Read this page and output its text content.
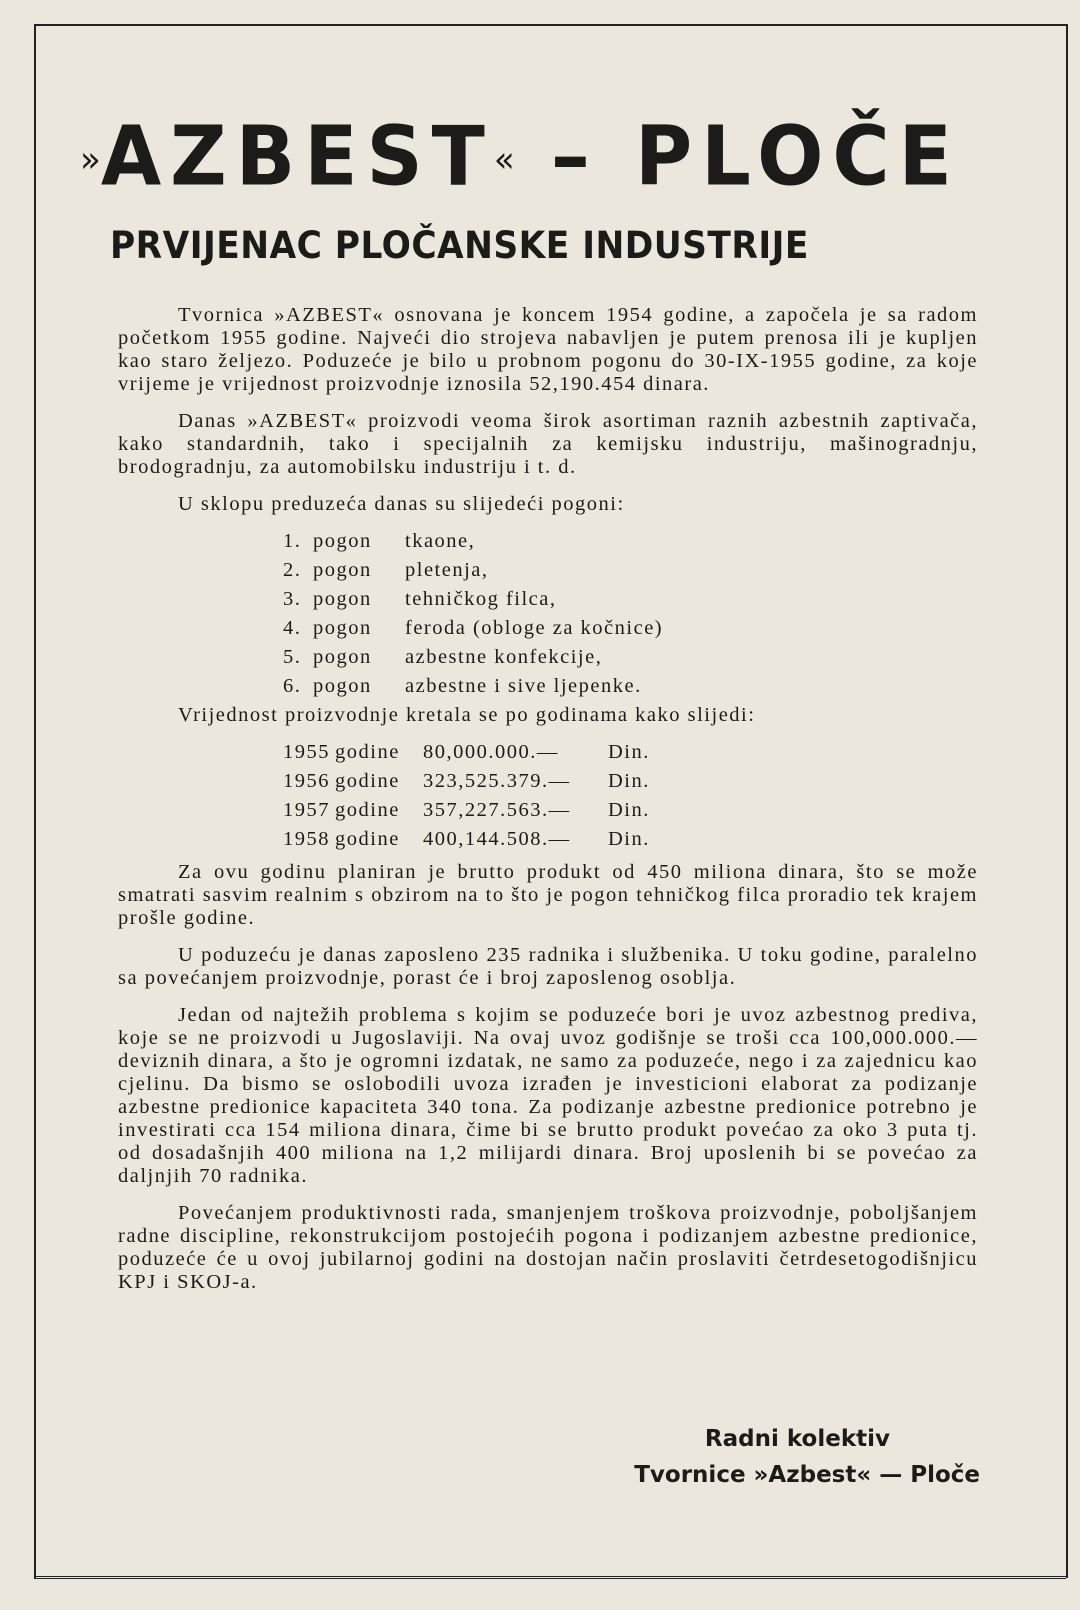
»AZBEST« – PLOČE
PRVIJENAC PLOČANSKE INDUSTRIJE

Tvornica »AZBEST« osnovana je koncem 1954 godine, a započela je sa radom početkom 1955 godine. Najveći dio strojeva nabavljen je putem prenosa ili je kupljen kao staro željezo. Poduzeće je bilo u probnom pogonu do 30-IX-1955 godine, za koje vrijeme je vrijednost proizvodnje iznosila 52,190.454 dinara.

Danas »AZBEST« proizvodi veoma širok asortiman raznih azbestnih zaptivača, kako standardnih, tako i specijalnih za kemijsku industriju, mašinogradnju, brodogradnju, za automobilsku industriju i t. d.

U sklopu preduzeća danas su slijedeći pogoni:

1. pogon tkaone,
2. pogon pletenja,
3. pogon tehničkog filca,
4. pogon feroda (obloge za kočnice)
5. pogon azbestne konfekcije,
6. pogon azbestne i sive ljepenke.

Vrijednost proizvodnje kretala se po godinama kako slijedi:

1955 godine 80,000.000.— Din.
1956 godine 323,525.379.— Din.
1957 godine 357,227.563.— Din.
1958 godine 400,144.508.— Din.

Za ovu godinu planiran je brutto produkt od 450 miliona dinara, što se može smatrati sasvim realnim s obzirom na to što je pogon tehničkog filca proradio tek krajem prošle godine.

U poduzeću je danas zaposleno 235 radnika i službenika. U toku godine, paralelno sa povećanjem proizvodnje, porast će i broj zaposlenog osoblja.

Jedan od najtežih problema s kojim se poduzeće bori je uvoz azbestnog prediva, koje se ne proizvodi u Jugoslaviji. Na ovaj uvoz godišnje se troši cca 100,000.000.— deviznih dinara, a što je ogromni izdatak, ne samo za poduzeće, nego i za zajednicu kao cjelinu. Da bismo se oslobodili uvoza izrađen je investicioni elaborat za podizanje azbestne predionice kapaciteta 340 tona. Za podizanje azbestne predionice potrebno je investirati cca 154 miliona dinara, čime bi se brutto produkt povećao za oko 3 puta tj. od dosadašnjih 400 miliona na 1,2 milijardi dinara. Broj uposlenih bi se povećao za daljnjih 70 radnika.

Povećanjem produktivnosti rada, smanjenjem troškova proizvodnje, poboljšanjem radne discipline, rekonstrukcijom postojećih pogona i podizanjem azbestne predionice, poduzeće će u ovoj jubilarnoj godini na dostojan način proslaviti četrdesetogodišnjicu KPJ i SKOJ-a.

Radni kolektiv
Tvornice »Azbest« — Ploče
